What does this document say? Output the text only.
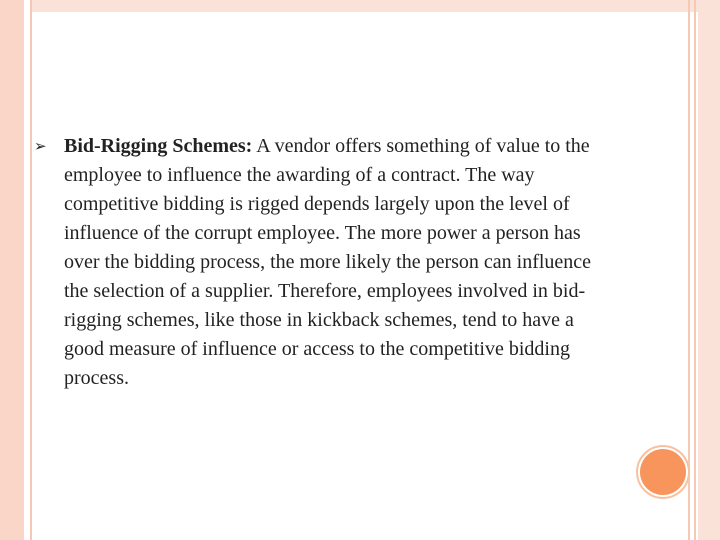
➢ Bid-Rigging Schemes: A vendor offers something of value to the employee to influence the awarding of a contract. The way competitive bidding is rigged depends largely upon the level of influence of the corrupt employee. The more power a person has over the bidding process, the more likely the person can influence the selection of a supplier. Therefore, employees involved in bid-rigging schemes, like those in kickback schemes, tend to have a good measure of influence or access to the competitive bidding process.
